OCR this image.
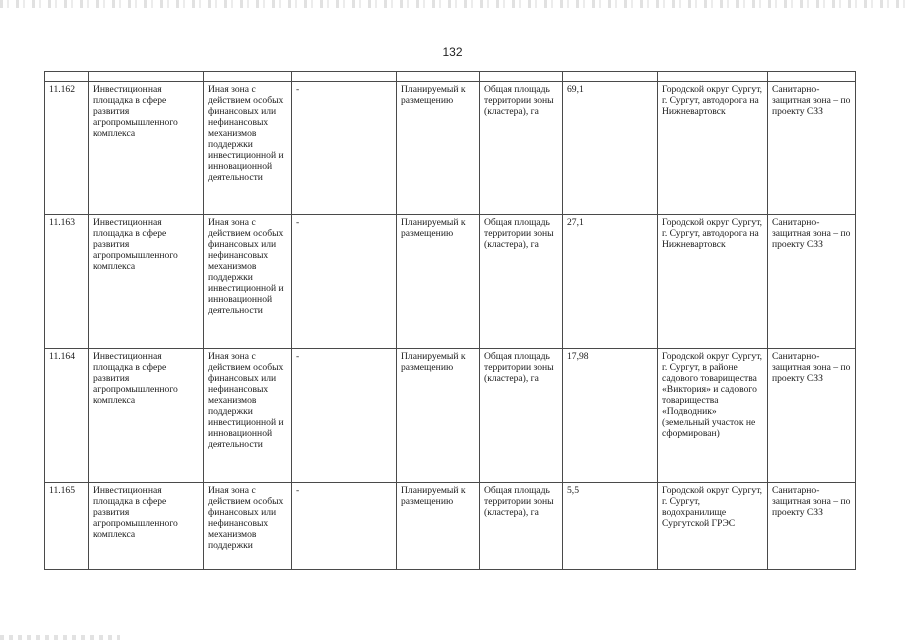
132

11.162	Инвестиционная площадка в сфере развития агропромышленного комплекса	Иная зона с действием особых финансовых или нефинансовых механизмов поддержки инвестиционной и инновационной деятельности	-	Планируемый к размещению	Общая площадь территории зоны (кластера), га	69,1	Городской округ Сургут, г. Сургут, автодорога на Нижневартовск	Санитарно-защитная зона – по проекту СЗЗ
11.163	Инвестиционная площадка в сфере развития агропромышленного комплекса	Иная зона с действием особых финансовых или нефинансовых механизмов поддержки инвестиционной и инновационной деятельности	-	Планируемый к размещению	Общая площадь территории зоны (кластера), га	27,1	Городской округ Сургут, г. Сургут, автодорога на Нижневартовск	Санитарно-защитная зона – по проекту СЗЗ
11.164	Инвестиционная площадка в сфере развития агропромышленного комплекса	Иная зона с действием особых финансовых или нефинансовых механизмов поддержки инвестиционной и инновационной деятельности	-	Планируемый к размещению	Общая площадь территории зоны (кластера), га	17,98	Городской округ Сургут, г. Сургут, в районе садового товарищества «Виктория» и садового товарищества «Подводник» (земельный участок не сформирован)	Санитарно-защитная зона – по проекту СЗЗ
11.165	Инвестиционная площадка в сфере развития агропромышленного комплекса	Иная зона с действием особых финансовых или нефинансовых механизмов поддержки	-	Планируемый к размещению	Общая площадь территории зоны (кластера), га	5,5	Городской округ Сургут, г. Сургут, водохранилище Сургутской ГРЭС	Санитарно-защитная зона – по проекту СЗЗ
